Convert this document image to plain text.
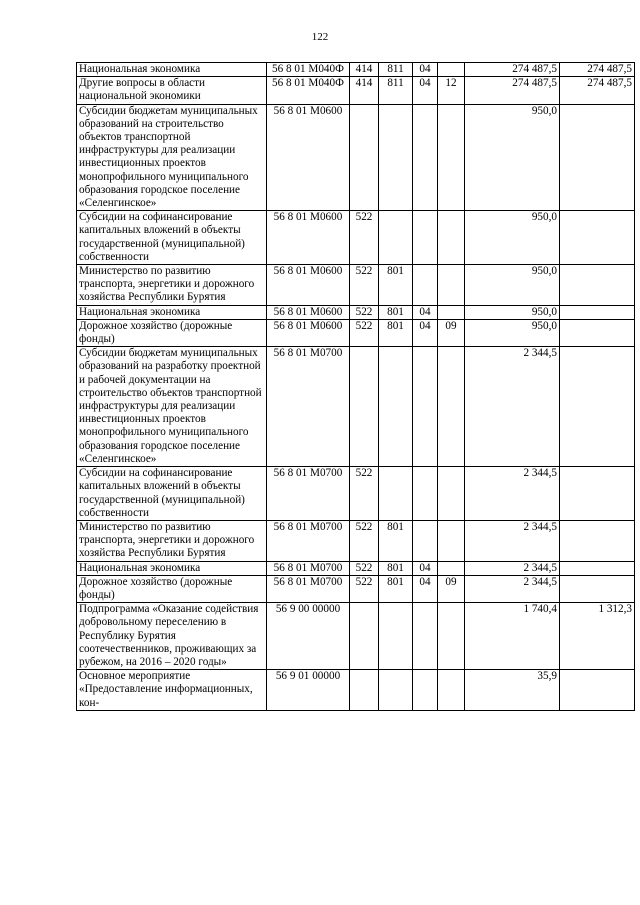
122
Национальная экономика	56 8 01 М040Ф	414	811	04		274 487,5	274 487,5
Другие вопросы в области национальной экономики	56 8 01 М040Ф	414	811	04	12	274 487,5	274 487,5
Субсидии бюджетам муниципальных образований на строительство объектов транспортной инфраструктуры для реализации инвестиционных проектов монопрофильного муниципального образования городское поселение «Селенгинское»	56 8 01 М0600					950,0	
Субсидии на софинансирование капитальных вложений в объекты государственной (муниципальной) собственности	56 8 01 М0600	522				950,0	
Министерство по развитию транспорта, энергетики и дорожного хозяйства Республики Бурятия	56 8 01 М0600	522	801			950,0	
Национальная экономика	56 8 01 М0600	522	801	04		950,0	
Дорожное хозяйство (дорожные фонды)	56 8 01 М0600	522	801	04	09	950,0	
Субсидии бюджетам муниципальных образований на разработку проектной и рабочей документации на строительство объектов транспортной инфраструктуры для реализации инвестиционных проектов монопрофильного муниципального образования городское поселение «Селенгинское»	56 8 01 М0700					2 344,5	
Субсидии на софинансирование капитальных вложений в объекты государственной (муниципальной) собственности	56 8 01 М0700	522				2 344,5	
Министерство по развитию транспорта, энергетики и дорожного хозяйства Республики Бурятия	56 8 01 М0700	522	801			2 344,5	
Национальная экономика	56 8 01 М0700	522	801	04		2 344,5	
Дорожное хозяйство (дорожные фонды)	56 8 01 М0700	522	801	04	09	2 344,5	
Подпрограмма «Оказание содействия добровольному переселению в Республику Бурятия соотечественников, проживающих за рубежом, на 2016 – 2020 годы»	56 9 00 00000					1 740,4	1 312,3
Основное мероприятие «Предоставление информационных, кон-	56 9 01 00000					35,9	
